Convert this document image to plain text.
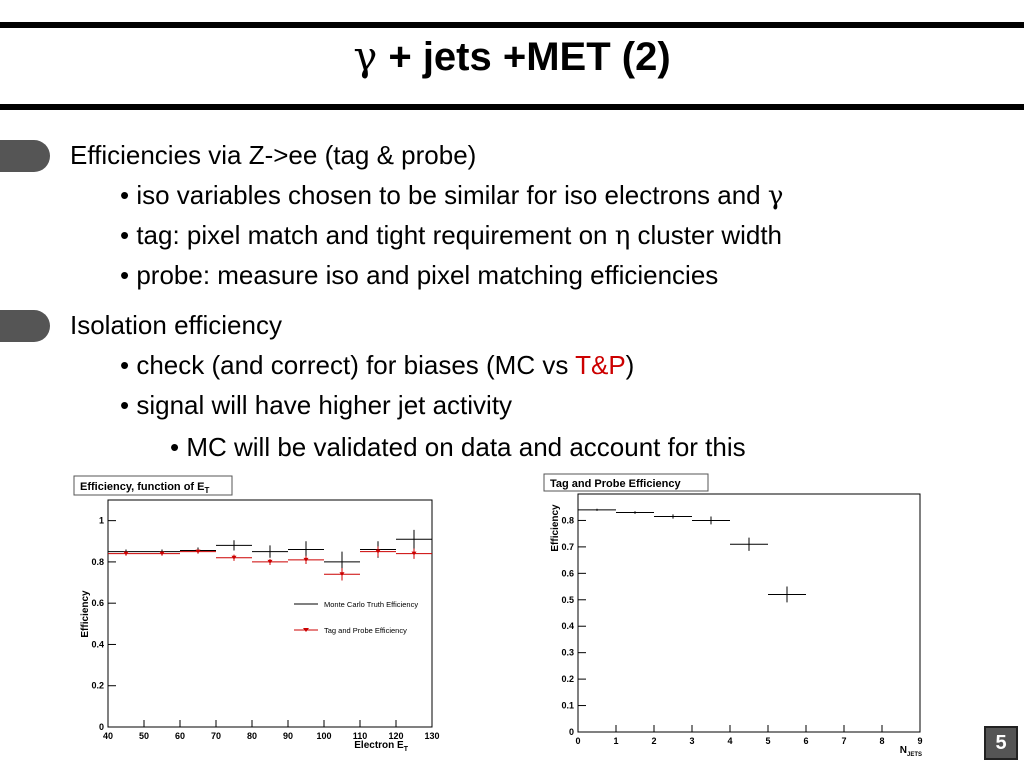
γ + jets +MET (2)
Efficiencies via Z->ee (tag & probe)
• iso variables chosen to be similar for iso electrons and γ
• tag: pixel match and tight requirement on η cluster width
• probe: measure iso and pixel matching efficiencies
Isolation efficiency
• check (and correct) for biases (MC vs T&P)
• signal will have higher jet activity
• MC will be validated on data and account for this
Efficiency, function of $E_T$
Efficiency
Electron $E_T$
40	50	60	70	80	90	100 110 120 130
0
0.2
0.4
0.6
0.8
1
Monte Carlo Truth Efficiency
Tag and Probe Efficiency
Tag and Probe Efficiency
Efficiency
$N_{JETS}$
0	1	2	3	4	5	6	7	8	9
0
0.1
0.2
0.3
0.4
0.5
0.6
0.7
0.8
5
